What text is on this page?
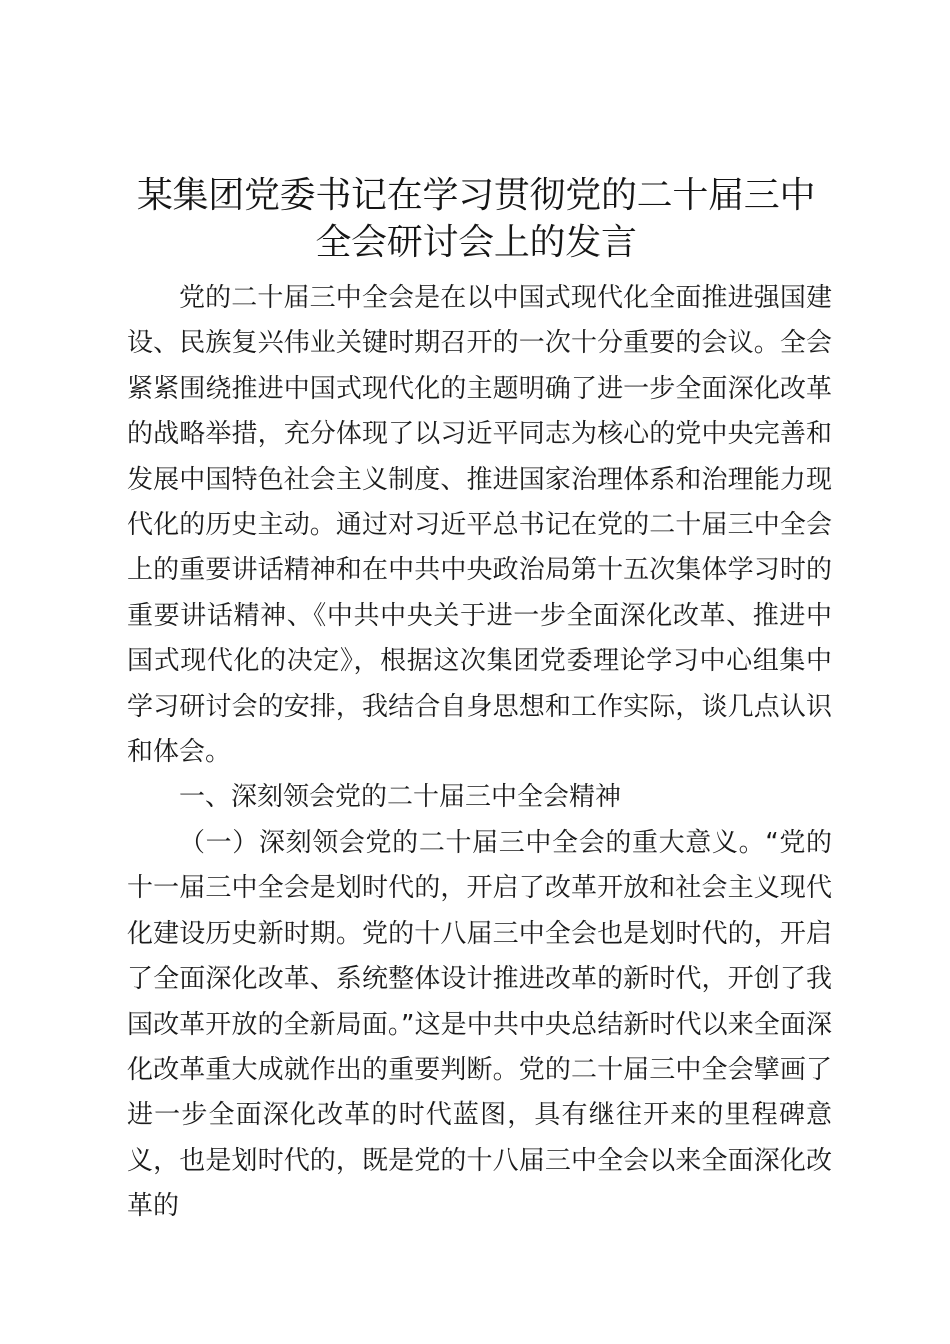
某集团党委书记在学习贯彻党的二十届三中全会研讨会上的发言

党的二十届三中全会是在以中国式现代化全面推进强国建设、民族复兴伟业关键时期召开的一次十分重要的会议。全会紧紧围绕推进中国式现代化的主题明确了进一步全面深化改革的战略举措，充分体现了以习近平同志为核心的党中央完善和发展中国特色社会主义制度、推进国家治理体系和治理能力现代化的历史主动。通过对习近平总书记在党的二十届三中全会上的重要讲话精神和在中共中央政治局第十五次集体学习时的重要讲话精神、《中共中央关于进一步全面深化改革、推进中国式现代化的决定》，根据这次集团党委理论学习中心组集中学习研讨会的安排，我结合自身思想和工作实际，谈几点认识和体会。

一、深刻领会党的二十届三中全会精神

（一）深刻领会党的二十届三中全会的重大意义。“党的十一届三中全会是划时代的，开启了改革开放和社会主义现代化建设历史新时期。党的十八届三中全会也是划时代的，开启了全面深化改革、系统整体设计推进改革的新时代，开创了我国改革开放的全新局面。”这是中共中央总结新时代以来全面深化改革重大成就作出的重要判断。党的二十届三中全会擘画了进一步全面深化改革的时代蓝图，具有继往开来的里程碑意义，也是划时代的，既是党的十八届三中全会以来全面深化改革的
